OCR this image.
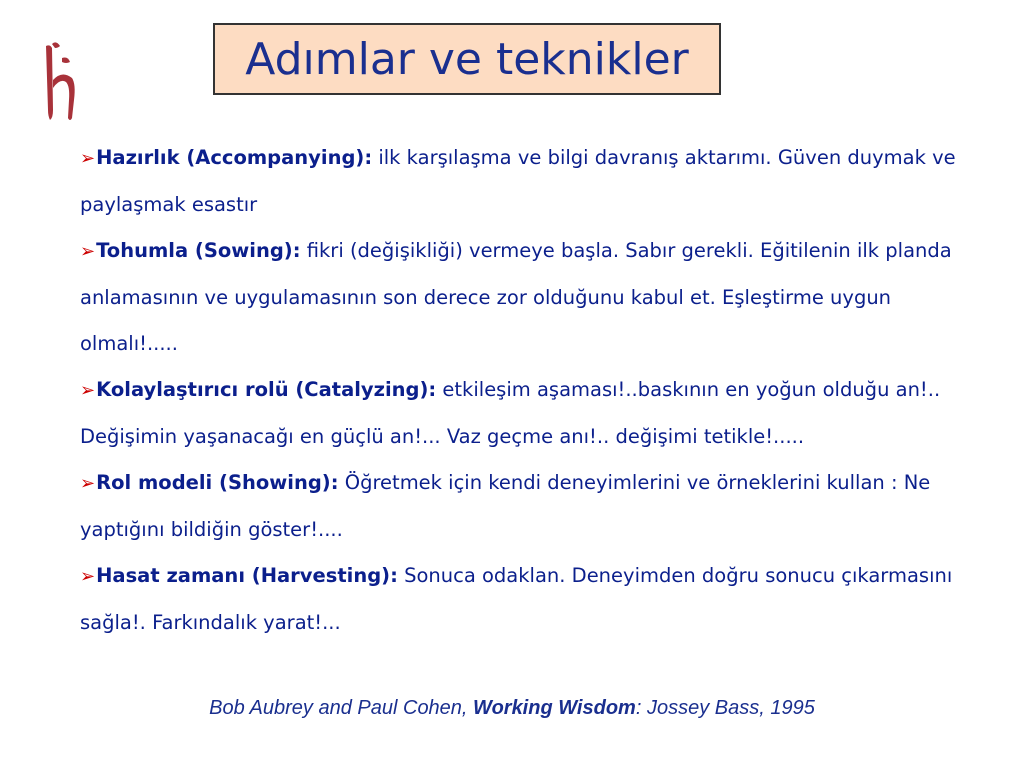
Adımlar ve teknikler

➢Hazırlık (Accompanying): ilk karşılaşma ve bilgi davranış aktarımı. Güven duymak ve paylaşmak esastır

➢Tohumla (Sowing): fikri (değişikliği) vermeye başla. Sabır gerekli. Eğitilenin ilk planda anlamasının ve uygulamasının son derece zor olduğunu kabul et. Eşleştirme uygun olmalı!.....

➢Kolaylaştırıcı rolü (Catalyzing): etkileşim aşaması!..baskının en yoğun olduğu an!.. Değişimin yaşanacağı en güçlü an!... Vaz geçme anı!.. değişimi tetikle!.....

➢Rol modeli (Showing): Öğretmek için kendi deneyimlerini ve örneklerini kullan : Ne yaptığını bildiğin göster!....

➢Hasat zamanı (Harvesting): Sonuca odaklan. Deneyimden doğru sonucu çıkarmasını sağla!. Farkındalık yarat!...

Bob Aubrey and Paul Cohen, Working Wisdom: Jossey Bass, 1995
